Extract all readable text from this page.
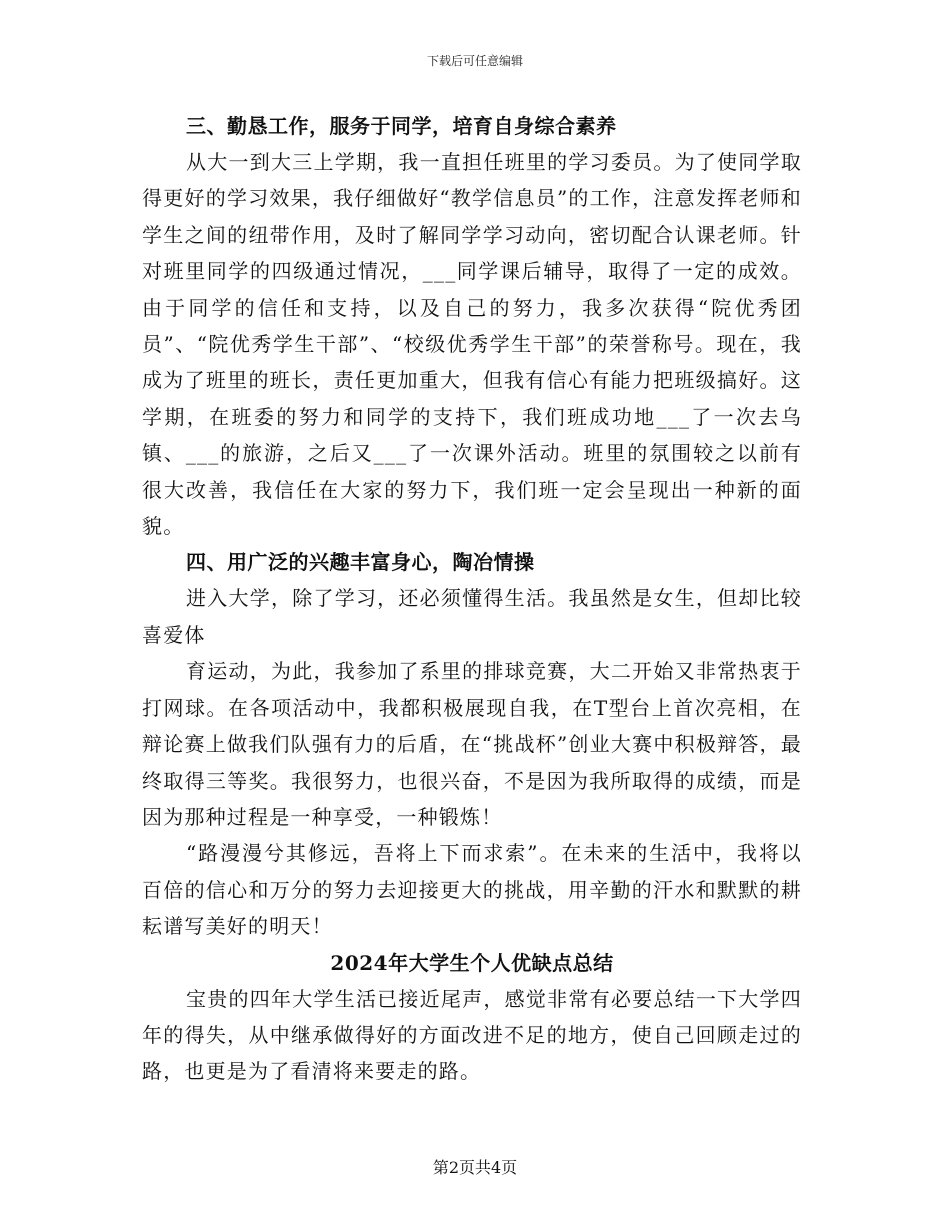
下载后可任意编辑

三、勤恳工作，服务于同学，培育自身综合素养

从大一到大三上学期，我一直担任班里的学习委员。为了使同学取得更好的学习效果，我仔细做好“教学信息员”的工作，注意发挥老师和学生之间的纽带作用，及时了解同学学习动向，密切配合认课老师。针对班里同学的四级通过情况，___同学课后辅导，取得了一定的成效。由于同学的信任和支持，以及自己的努力，我多次获得“院优秀团员”、“院优秀学生干部”、“校级优秀学生干部”的荣誉称号。现在，我成为了班里的班长，责任更加重大，但我有信心有能力把班级搞好。这学期，在班委的努力和同学的支持下，我们班成功地___了一次去乌镇、___的旅游，之后又___了一次课外活动。班里的氛围较之以前有很大改善，我信任在大家的努力下，我们班一定会呈现出一种新的面貌。

四、用广泛的兴趣丰富身心，陶冶情操

进入大学，除了学习，还必须懂得生活。我虽然是女生，但却比较喜爱体

育运动，为此，我参加了系里的排球竞赛，大二开始又非常热衷于打网球。在各项活动中，我都积极展现自我，在T型台上首次亮相，在辩论赛上做我们队强有力的后盾，在“挑战杯”创业大赛中积极辩答，最终取得三等奖。我很努力，也很兴奋，不是因为我所取得的成绩，而是因为那种过程是一种享受，一种锻炼！

“路漫漫兮其修远，吾将上下而求索”。在未来的生活中，我将以百倍的信心和万分的努力去迎接更大的挑战，用辛勤的汗水和默默的耕耘谱写美好的明天！

2024年大学生个人优缺点总结

宝贵的四年大学生活已接近尾声，感觉非常有必要总结一下大学四年的得失，从中继承做得好的方面改进不足的地方，使自己回顾走过的路，也更是为了看清将来要走的路。

第2页共4页
